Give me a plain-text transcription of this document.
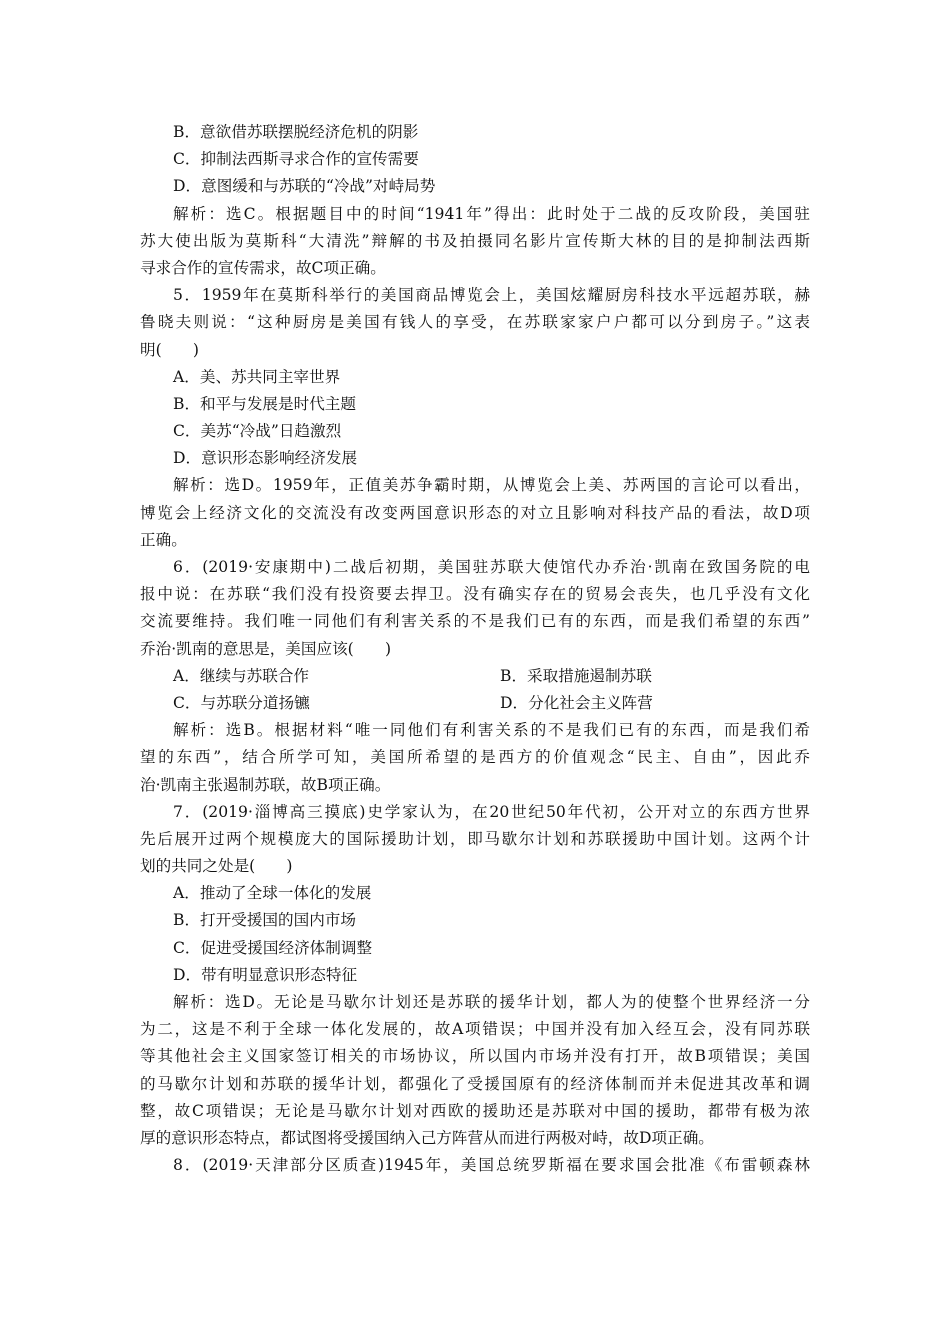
B．意欲借苏联摆脱经济危机的阴影
C．抑制法西斯寻求合作的宣传需要
D．意图缓和与苏联的“冷战”对峙局势
解析：选C。根据题目中的时间“1941年”得出：此时处于二战的反攻阶段，美国驻
苏大使出版为莫斯科“大清洗”辩解的书及拍摄同名影片宣传斯大林的目的是抑制法西斯
寻求合作的宣传需求，故C项正确。
5．1959年在莫斯科举行的美国商品博览会上，美国炫耀厨房科技水平远超苏联，赫
鲁晓夫则说：“这种厨房是美国有钱人的享受，在苏联家家户户都可以分到房子。”这表
明(　　)
A．美、苏共同主宰世界
B．和平与发展是时代主题
C．美苏“冷战”日趋激烈
D．意识形态影响经济发展
解析：选D。1959年，正值美苏争霸时期，从博览会上美、苏两国的言论可以看出，
博览会上经济文化的交流没有改变两国意识形态的对立且影响对科技产品的看法，故D项
正确。
6．(2019·安康期中)二战后初期，美国驻苏联大使馆代办乔治·凯南在致国务院的电
报中说：在苏联“我们没有投资要去捍卫。没有确实存在的贸易会丧失，也几乎没有文化
交流要维持。我们唯一同他们有利害关系的不是我们已有的东西，而是我们希望的东西”
乔治·凯南的意思是，美国应该(　　)
A．继续与苏联合作	B．采取措施遏制苏联
C．与苏联分道扬镳	D．分化社会主义阵营
解析：选B。根据材料“唯一同他们有利害关系的不是我们已有的东西，而是我们希
望的东西”，结合所学可知，美国所希望的是西方的价值观念“民主、自由”，因此乔
治·凯南主张遏制苏联，故B项正确。
7．(2019·淄博高三摸底)史学家认为，在20世纪50年代初，公开对立的东西方世界
先后展开过两个规模庞大的国际援助计划，即马歇尔计划和苏联援助中国计划。这两个计
划的共同之处是(　　)
A．推动了全球一体化的发展
B．打开受援国的国内市场
C．促进受援国经济体制调整
D．带有明显意识形态特征
解析：选D。无论是马歇尔计划还是苏联的援华计划，都人为的使整个世界经济一分
为二，这是不利于全球一体化发展的，故A项错误；中国并没有加入经互会，没有同苏联
等其他社会主义国家签订相关的市场协议，所以国内市场并没有打开，故B项错误；美国
的马歇尔计划和苏联的援华计划，都强化了受援国原有的经济体制而并未促进其改革和调
整，故C项错误；无论是马歇尔计划对西欧的援助还是苏联对中国的援助，都带有极为浓
厚的意识形态特点，都试图将受援国纳入己方阵营从而进行两极对峙，故D项正确。
8．(2019·天津部分区质查)1945年，美国总统罗斯福在要求国会批准《布雷顿森林
